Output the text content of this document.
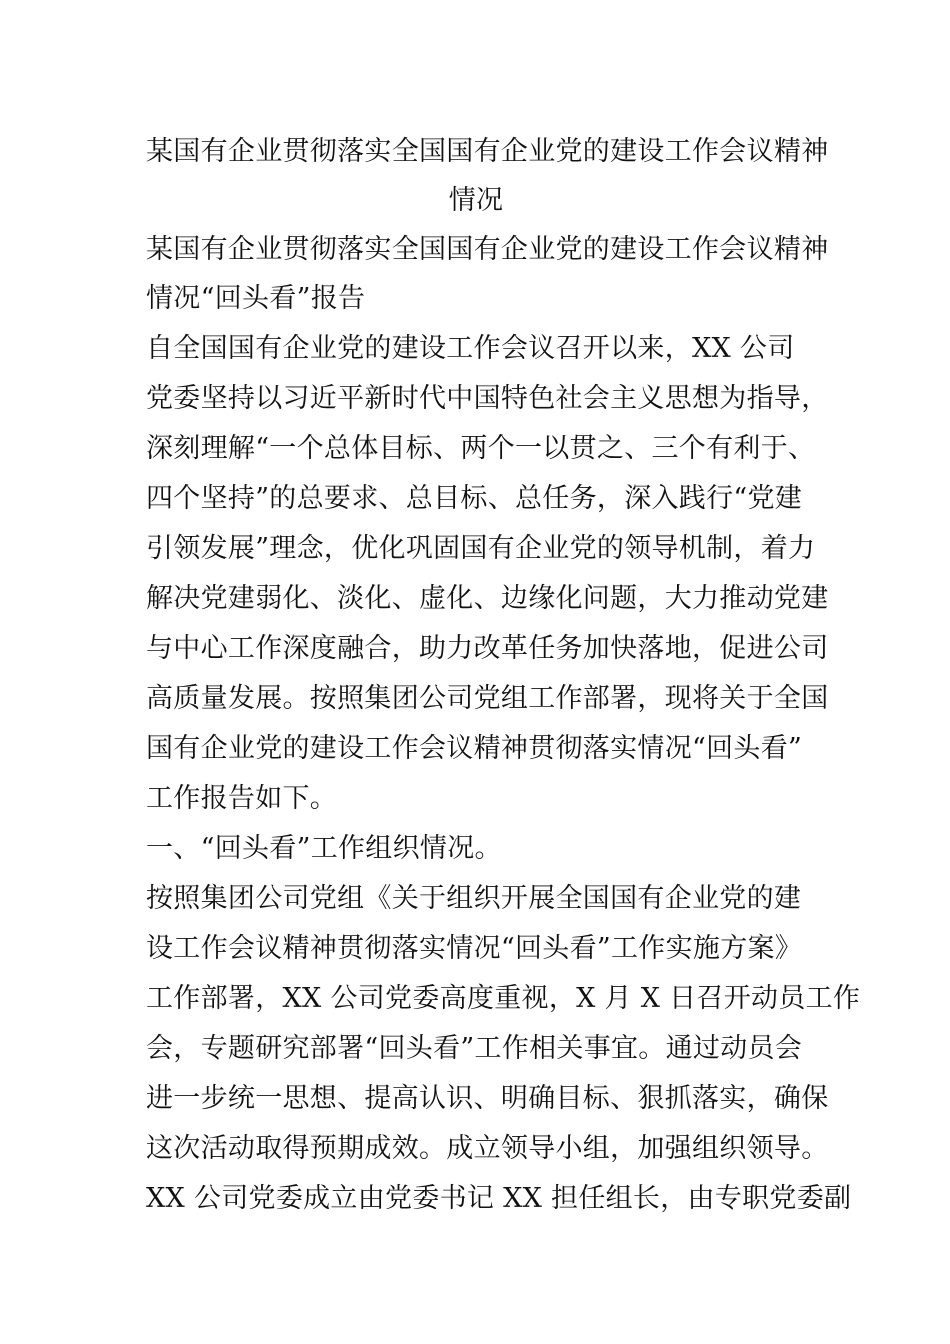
某国有企业贯彻落实全国国有企业党的建设工作会议精神
情况
某国有企业贯彻落实全国国有企业党的建设工作会议精神
情况“回头看”报告
自全国国有企业党的建设工作会议召开以来，XX 公司
党委坚持以习近平新时代中国特色社会主义思想为指导，
深刻理解“一个总体目标、两个一以贯之、三个有利于、
四个坚持”的总要求、总目标、总任务，深入践行“党建
引领发展”理念，优化巩固国有企业党的领导机制，着力
解决党建弱化、淡化、虚化、边缘化问题，大力推动党建
与中心工作深度融合，助力改革任务加快落地，促进公司
高质量发展。按照集团公司党组工作部署，现将关于全国
国有企业党的建设工作会议精神贯彻落实情况“回头看”
工作报告如下。
一、“回头看”工作组织情况。
按照集团公司党组《关于组织开展全国国有企业党的建
设工作会议精神贯彻落实情况“回头看”工作实施方案》
工作部署，XX 公司党委高度重视，X 月 X 日召开动员工作
会，专题研究部署“回头看”工作相关事宜。通过动员会
进一步统一思想、提高认识、明确目标、狠抓落实，确保
这次活动取得预期成效。成立领导小组，加强组织领导。
XX 公司党委成立由党委书记 XX 担任组长，由专职党委副
